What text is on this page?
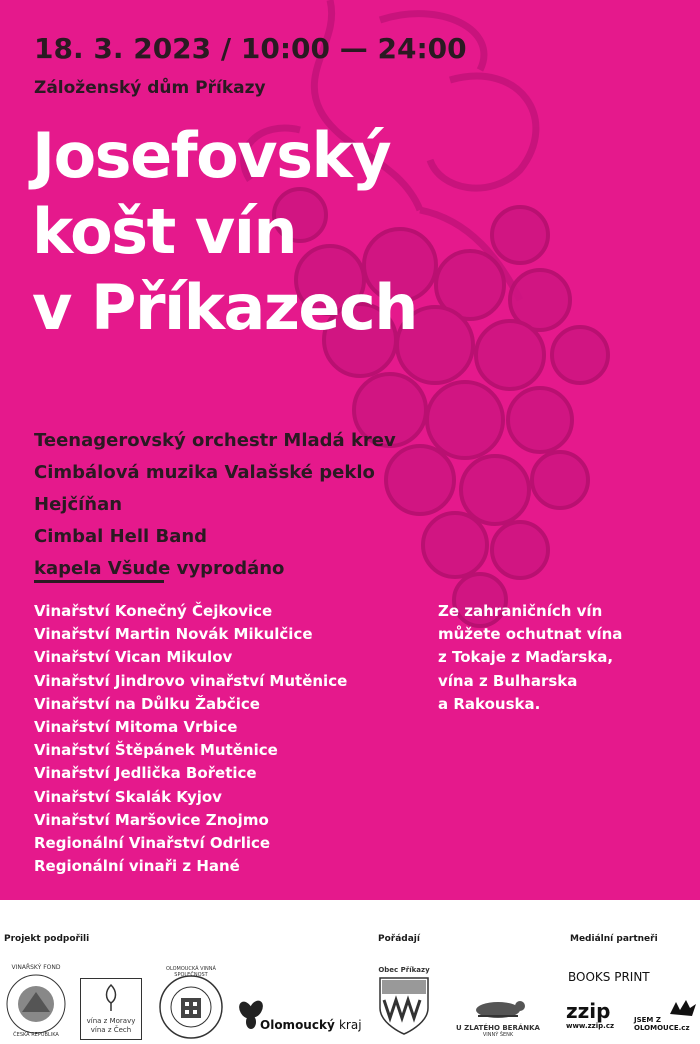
18. 3. 2023 / 10:00 — 24:00
Záloženský dům Příkazy
Josefovský
košt vín
v Příkazech
Teenagerovský orchestr Mladá krev
Cimbálová muzika Valašské peklo
Hejčíňan
Cimbal Hell Band
kapela Všude vyprodáno
Vinařství Konečný Čejkovice
Vinařství Martin Novák Mikulčice
Vinařství Vican Mikulov
Vinařství Jindrovo vinařství Mutěnice
Vinařství na Důlku Žabčice
Vinařství Mitoma Vrbice
Vinařství Štěpánek Mutěnice
Vinařství Jedlička Bořetice
Vinařství Skalák Kyjov
Vinařství Maršovice Znojmo
Regionální Vinařství Odrlice
Regionální vinaři z Hané
Ze zahraničních vín
můžete ochutnat vína
z Tokaje z Maďarska,
vína z Bulharska
a Rakouska.
Projekt podpořili	Pořádají	Mediální partneři
VINAŘSKÝ FOND
ČESKÁ REPUBLIKA
vína z Moravy
vína z Čech
OLOMOUCKÁ VINNÁ SPOLEČNOST
Olomoucký kraj
Obec Příkazy
U ZLATÉHO BERÁNKA
VINNÝ ŠENK
BOOKS PRINT
zzip
www.zzip.cz
JSEM Z
OLOMOUCE.cz
